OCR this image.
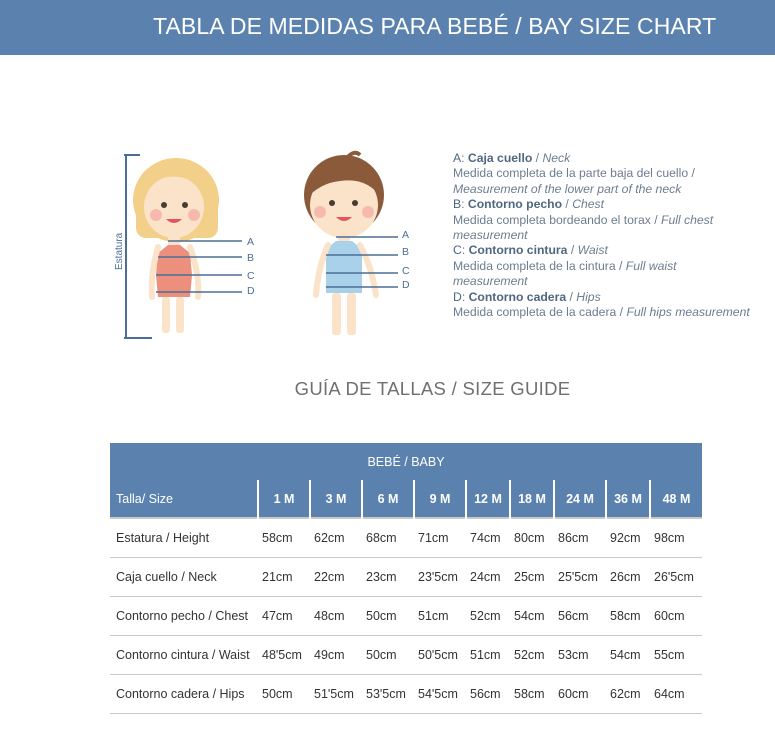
TABLA DE MEDIDAS PARA BEBÉ / BAY SIZE CHART
Estatura	A
B
C
D
A
B
C
D
A: Caja cuello / Neck
Medida completa de la parte baja del cuello /
Measurement of the lower part of the neck
B: Contorno pecho / Chest
Medida completa bordeando el torax / Full chest
measurement
C: Contorno cintura / Waist
Medida completa de la cintura / Full waist
measurement
D: Contorno cadera / Hips
Medida completa de la cadera / Full hips measurement
GUÍA DE TALLAS / SIZE GUIDE
BEBÉ / BABY									
Talla/ Size	1 M	3 M	6 M	9 M	12 M	18 M	24 M	36 M	48 M
Estatura / Height	58cm	62cm	68cm	71cm	74cm	80cm	86cm	92cm	98cm
Caja cuello / Neck	21cm	22cm	23cm	23'5cm	24cm	25cm	25'5cm	26cm	26'5cm
Contorno pecho / Chest	47cm	48cm	50cm	51cm	52cm	54cm	56cm	58cm	60cm
Contorno cintura / Waist	48'5cm	49cm	50cm	50'5cm	51cm	52cm	53cm	54cm	55cm
Contorno cadera / Hips	50cm	51'5cm	53'5cm	54'5cm	56cm	58cm	60cm	62cm	64cm
